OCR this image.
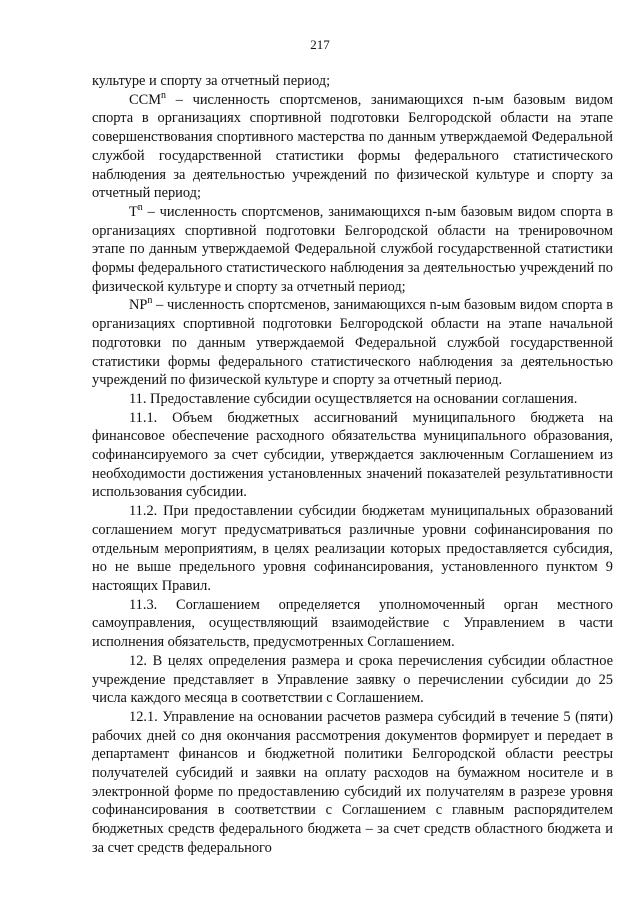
217

культуре и спорту за отчетный период;

ССМ$^n$ – численность спортсменов, занимающихся n-ым базовым видом спорта в организациях спортивной подготовки Белгородской области на этапе совершенствования спортивного мастерства по данным утверждаемой Федеральной службой государственной статистики формы федерального статистического наблюдения за деятельностью учреждений по физической культуре и спорту за отчетный период;

$Т^n$ – численность спортсменов, занимающихся n-ым базовым видом спорта в организациях спортивной подготовки Белгородской области на тренировочном этапе по данным утверждаемой Федеральной службой государственной статистики формы федерального статистического наблюдения за деятельностью учреждений по физической культуре и спорту за отчетный период;

$NP^n$ – численность спортсменов, занимающихся n-ым базовым видом спорта в организациях спортивной подготовки Белгородской области на этапе начальной подготовки по данным утверждаемой Федеральной службой государственной статистики формы федерального статистического наблюдения за деятельностью учреждений по физической культуре и спорту за отчетный период.

11. Предоставление субсидии осуществляется на основании соглашения.

11.1. Объем бюджетных ассигнований муниципального бюджета на финансовое обеспечение расходного обязательства муниципального образования, софинансируемого за счет субсидии, утверждается заключенным Соглашением из необходимости достижения установленных значений показателей результативности использования субсидии.

11.2. При предоставлении субсидии бюджетам муниципальных образований соглашением могут предусматриваться различные уровни софинансирования по отдельным мероприятиям, в целях реализации которых предоставляется субсидия, но не выше предельного уровня софинансирования, установленного пунктом 9 настоящих Правил.

11.3. Соглашением определяется уполномоченный орган местного самоуправления, осуществляющий взаимодействие с Управлением в части исполнения обязательств, предусмотренных Соглашением.

12. В целях определения размера и срока перечисления субсидии областное учреждение представляет в Управление заявку о перечислении субсидии до 25 числа каждого месяца в соответствии с Соглашением.

12.1. Управление на основании расчетов размера субсидий в течение 5 (пяти) рабочих дней со дня окончания рассмотрения документов формирует и передает в департамент финансов и бюджетной политики Белгородской области реестры получателей субсидий и заявки на оплату расходов на бумажном носителе и в электронной форме по предоставлению субсидий их получателям в разрезе уровня софинансирования в соответствии с Соглашением с главным распорядителем бюджетных средств федерального бюджета – за счет средств областного бюджета и за счет средств федерального
